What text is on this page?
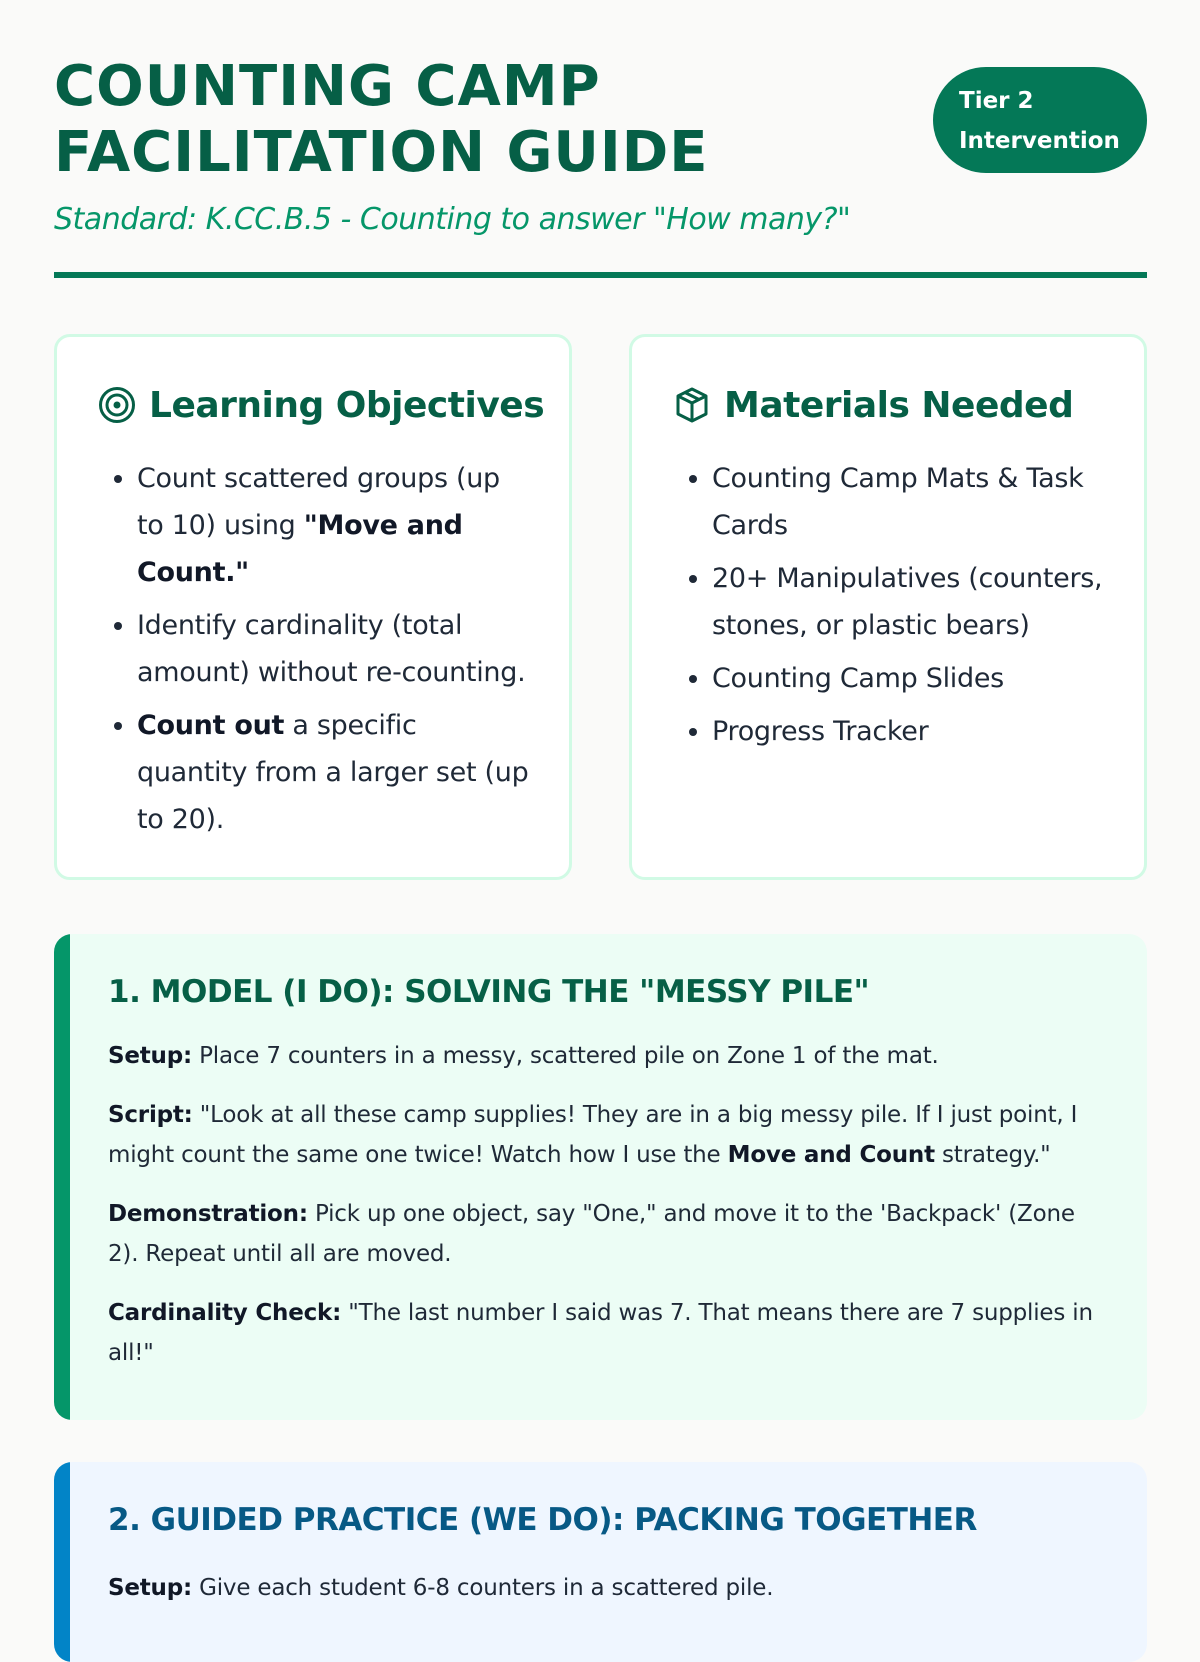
COUNTING CAMP
FACILITATION GUIDE
Tier 2
Intervention
Standard: K.CC.B.5 - Counting to answer "How many?"
Learning Objectives
• Count scattered groups (up to 10) using "Move and Count."
• Identify cardinality (total amount) without re-counting.
• Count out a specific quantity from a larger set (up to 20).
Materials Needed
• Counting Camp Mats & Task Cards
• 20+ Manipulatives (counters, stones, or plastic bears)
• Counting Camp Slides
• Progress Tracker
1. MODEL (I DO): SOLVING THE "MESSY PILE"

Setup: Place 7 counters in a messy, scattered pile on Zone 1 of the mat.

Script: "Look at all these camp supplies! They are in a big messy pile. If I just point, I might count the same one twice! Watch how I use the Move and Count strategy."

Demonstration: Pick up one object, say "One," and move it to the 'Backpack' (Zone 2). Repeat until all are moved.

Cardinality Check: "The last number I said was 7. That means there are 7 supplies in all!"

2. GUIDED PRACTICE (WE DO): PACKING TOGETHER

Setup: Give each student 6-8 counters in a scattered pile.
